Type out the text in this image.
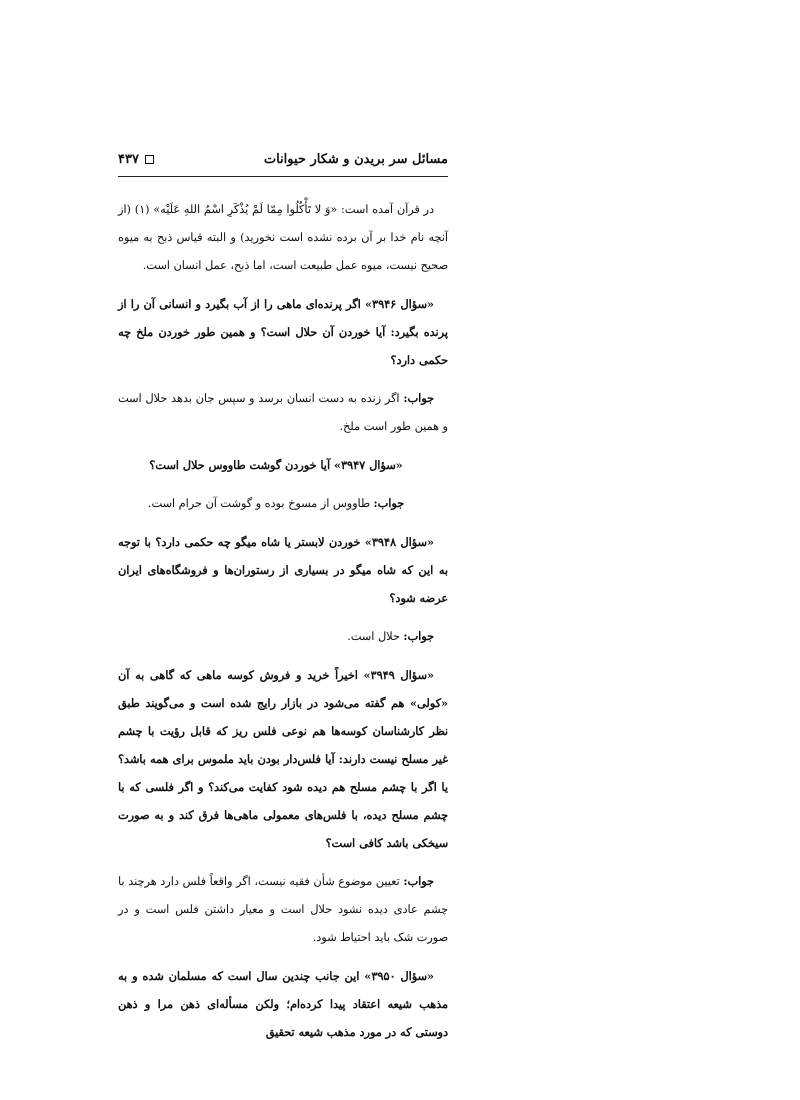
مسائل سر بریدن و شکار حیوانات
۴۳۷

در قرآن آمده است: «وَ لا تَأْكُلُوا مِمّا لَمْ يُذْكَرِ اسْمُ اللهِ عَلَيْه» (۱) (از آنچه نام خدا بر آن برده نشده است نخورید) و البته قیاس ذبح به میوه صحیح نیست، میوه عمل طبیعت است، اما ذبح، عمل انسان است.

«سؤال ۳۹۴۶» اگر پرنده‌ای ماهی را از آب بگیرد و انسانی آن را از پرنده بگیرد: آیا خوردن آن حلال است؟ و همین طور خوردن ملخ چه حکمی دارد؟

جواب: اگر زنده به دست انسان برسد و سپس جان بدهد حلال است و همین طور است ملخ.

«سؤال ۳۹۴۷» آیا خوردن گوشت طاووس حلال است؟

جواب: طاووس از مسوخ بوده و گوشت آن حرام است.

«سؤال ۳۹۴۸» خوردن لابستر یا شاه میگو چه حکمی دارد؟ با توجه به این که شاه میگو در بسیاری از رستوران‌ها و فروشگاه‌های ایران عرضه شود؟

جواب: حلال است.

«سؤال ۳۹۴۹» اخیراً خرید و فروش کوسه ماهی که گاهی به آن «کولی» هم گفته می‌شود در بازار رایج شده است و می‌گویند طبق نظر کارشناسان کوسه‌ها هم نوعی فلس ریز که قابل رؤیت با چشم غیر مسلح نیست دارند: آیا فلس‌دار بودن باید ملموس برای همه باشد؟ یا اگر با چشم مسلح هم دیده شود کفایت می‌کند؟ و اگر فلسی که با چشم مسلح دیده، با فلس‌های معمولی ماهی‌ها فرق کند و به صورت سیخکی باشد کافی است؟

جواب: تعیین موضوع شأن فقیه نیست، اگر واقعاً فلس دارد هرچند با چشم عادی دیده نشود حلال است و معیار داشتن فلس است و در صورت شک باید احتیاط شود.

«سؤال ۳۹۵۰» این جانب چندین سال است که مسلمان شده و به مذهب شیعه اعتقاد پیدا کرده‌ام؛ ولکن مسأله‌ای ذهن مرا و ذهن دوستی که در مورد مذهب شیعه تحقیق
